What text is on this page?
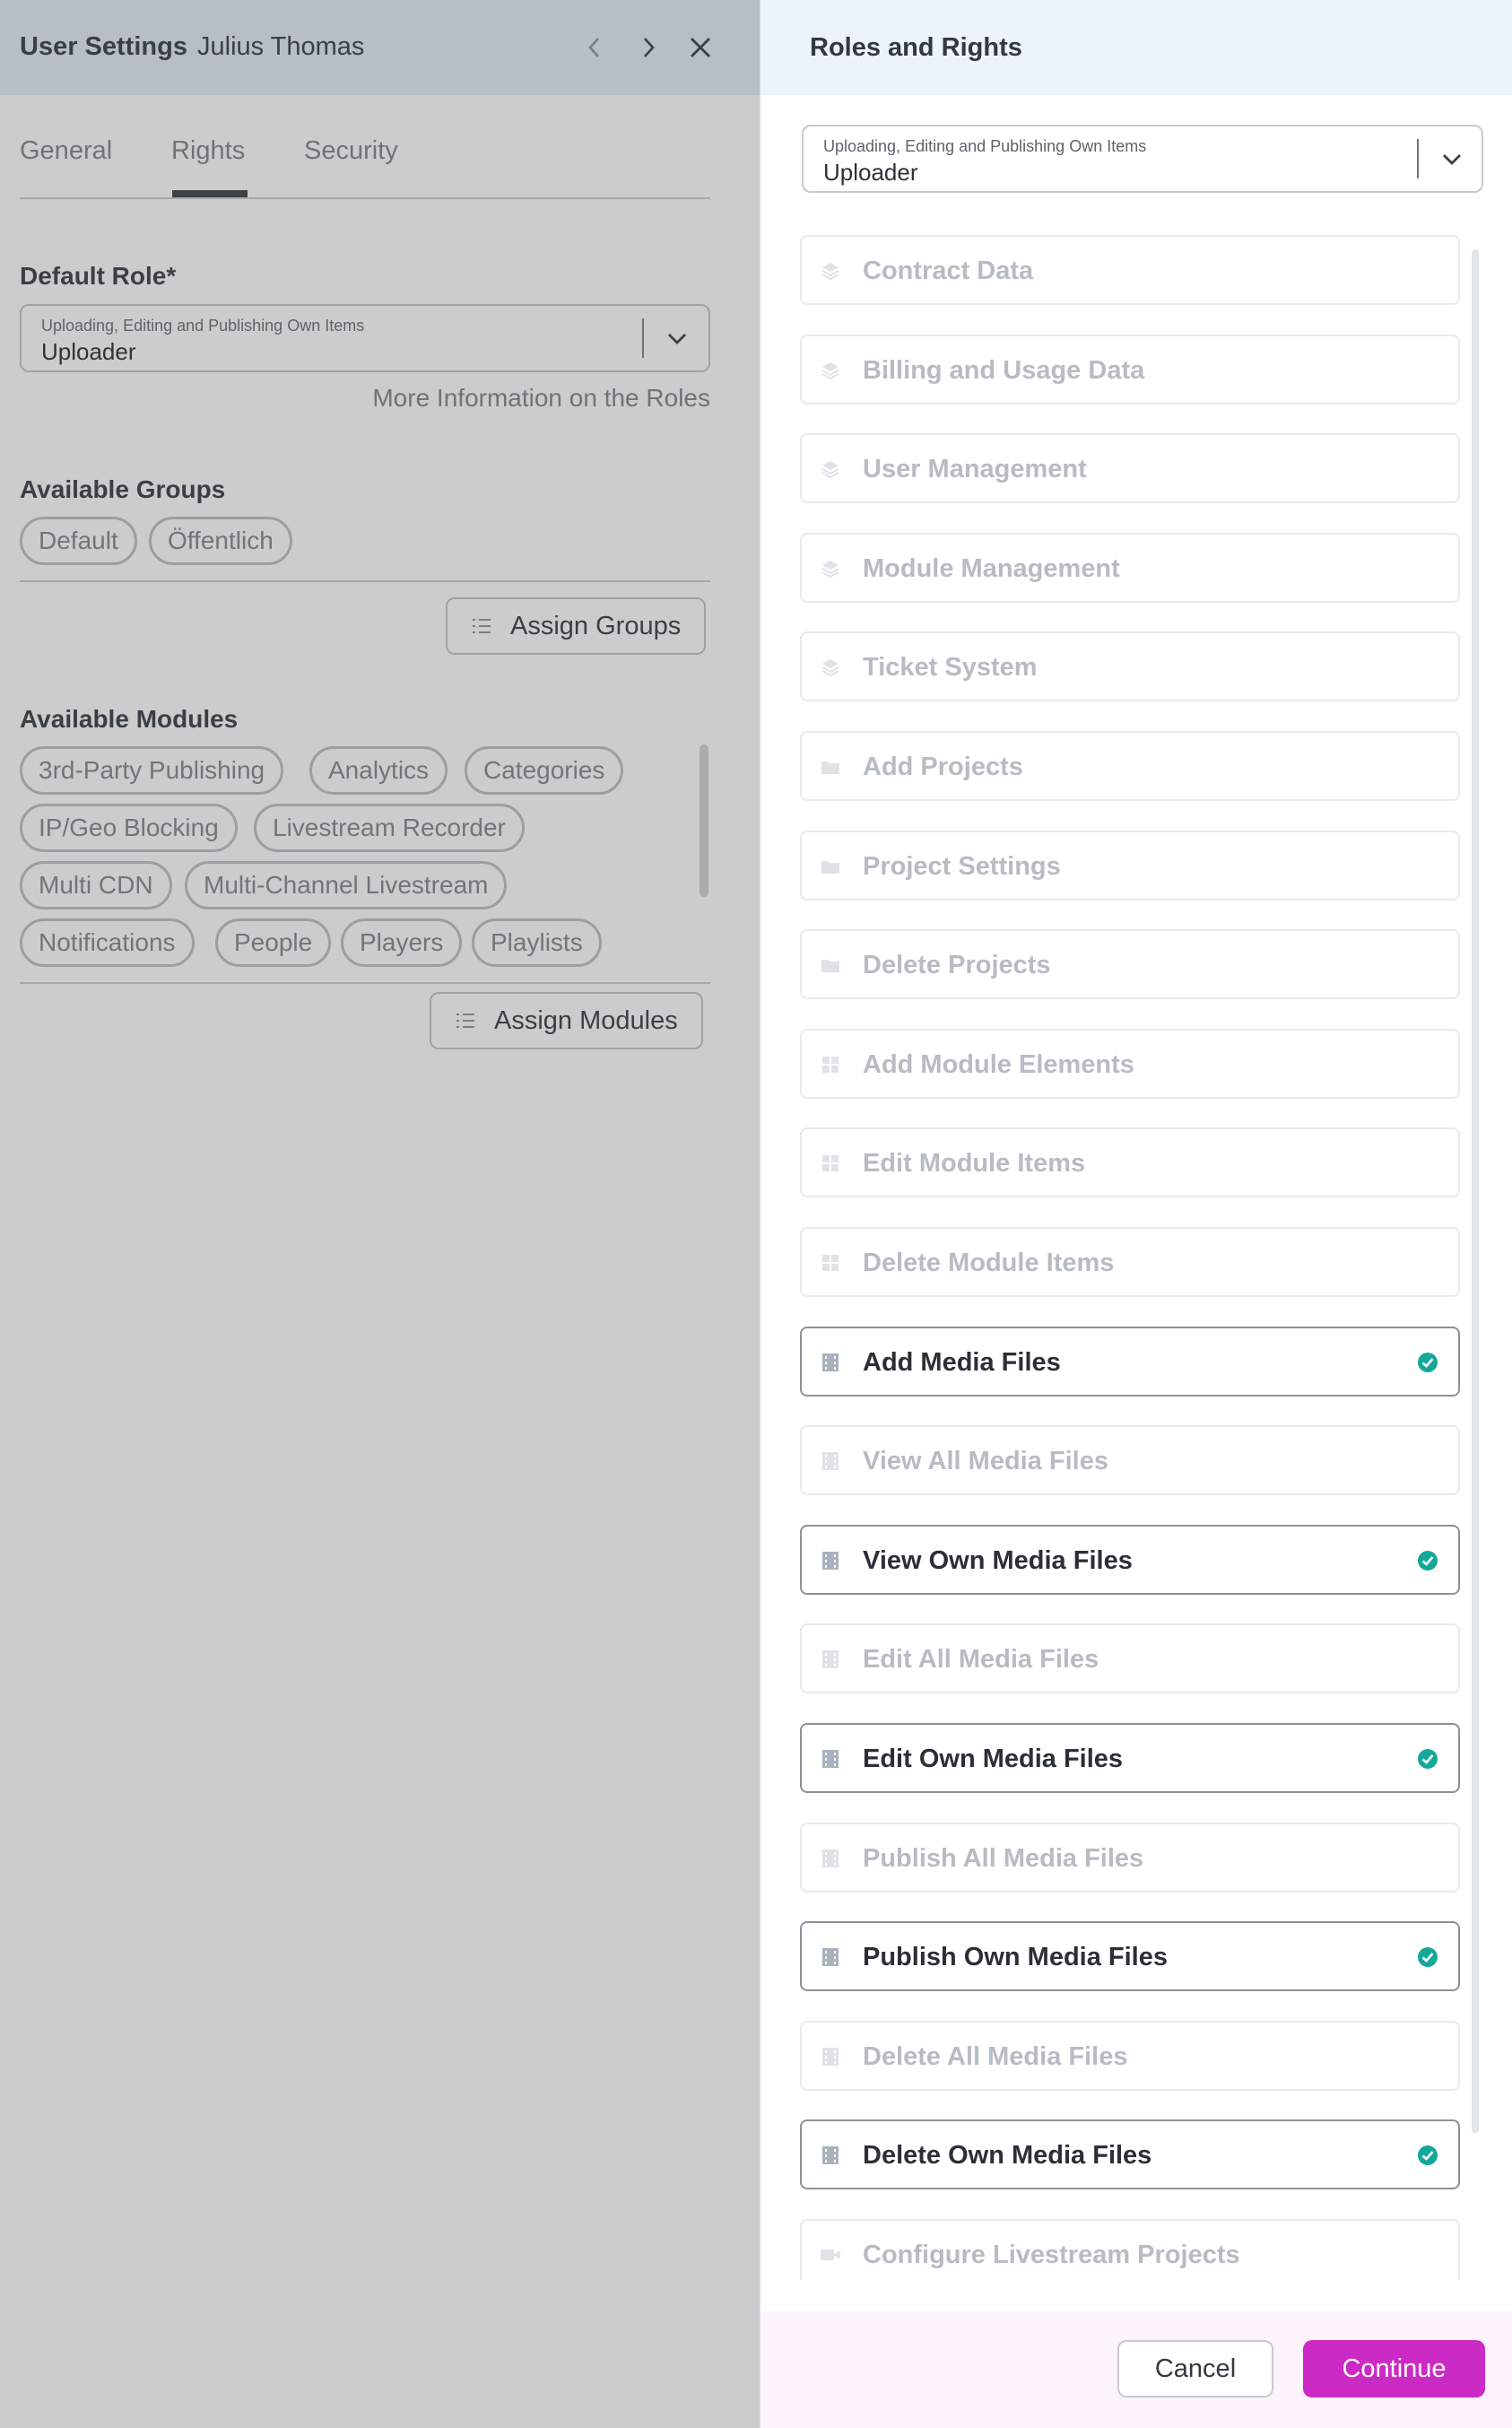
User Settings Julius Thomas
General Rights Security
Default Role*
Uploading, Editing and Publishing Own Items
Uploader
More Information on the Roles
Available Groups
Default	Öffentlich
Assign Groups
Available Modules
3rd-Party Publishing	Analytics	Categories
IP/Geo Blocking	Livestream Recorder
Multi CDN	Multi-Channel Livestream
Notifications	People	Players	Playlists
Assign Modules
Roles and Rights
Uploading, Editing and Publishing Own Items
Uploader
Contract Data
Billing and Usage Data
User Management
Module Management
Ticket System
Add Projects
Project Settings
Delete Projects
Add Module Elements
Edit Module Items
Delete Module Items
Add Media Files
View All Media Files
View Own Media Files
Edit All Media Files
Edit Own Media Files
Publish All Media Files
Publish Own Media Files
Delete All Media Files
Delete Own Media Files
Configure Livestream Projects
Cancel	Continue
